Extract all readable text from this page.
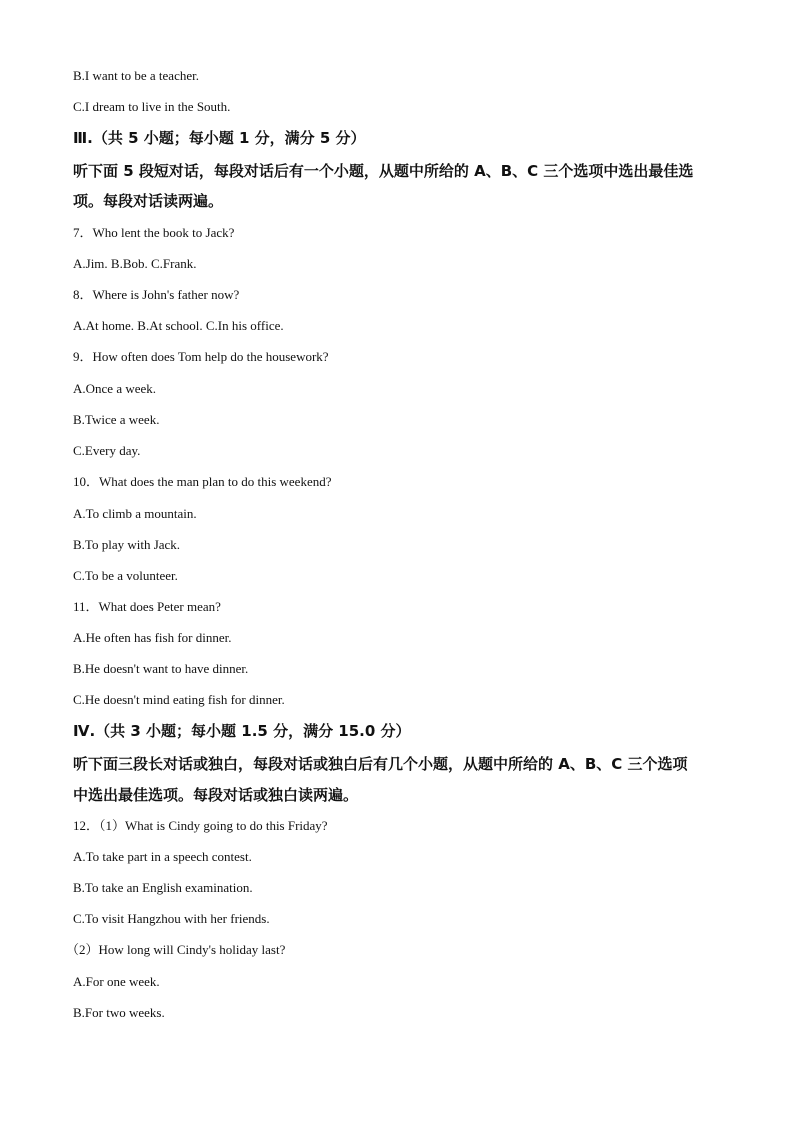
B.I want to be a teacher.
C.I dream to live in the South.
Ⅲ.（共 5 小题；每小题 1 分，满分 5 分）
听下面 5 段短对话，每段对话后有一个小题，从题中所给的 A、B、C 三个选项中选出最佳选
项。每段对话读两遍。
7．Who lent the book to Jack?
A.Jim. B.Bob. C.Frank.
8．Where is John's father now?
A.At home. B.At school. C.In his office.
9．How often does Tom help do the housework?
A.Once a week.
B.Twice a week.
C.Every day.
10．What does the man plan to do this weekend?
A.To climb a mountain.
B.To play with Jack.
C.To be a volunteer.
11．What does Peter mean?
A.He often has fish for dinner.
B.He doesn't want to have dinner.
C.He doesn't mind eating fish for dinner.
Ⅳ.（共 3 小题；每小题 1.5 分，满分 15.0 分）
听下面三段长对话或独白，每段对话或独白后有几个小题，从题中所给的 A、B、C 三个选项
中选出最佳选项。每段对话或独白读两遍。
12．（1）What is Cindy going to do this Friday?
A.To take part in a speech contest.
B.To take an English examination.
C.To visit Hangzhou with her friends.
（2）How long will Cindy's holiday last?
A.For one week.
B.For two weeks.
